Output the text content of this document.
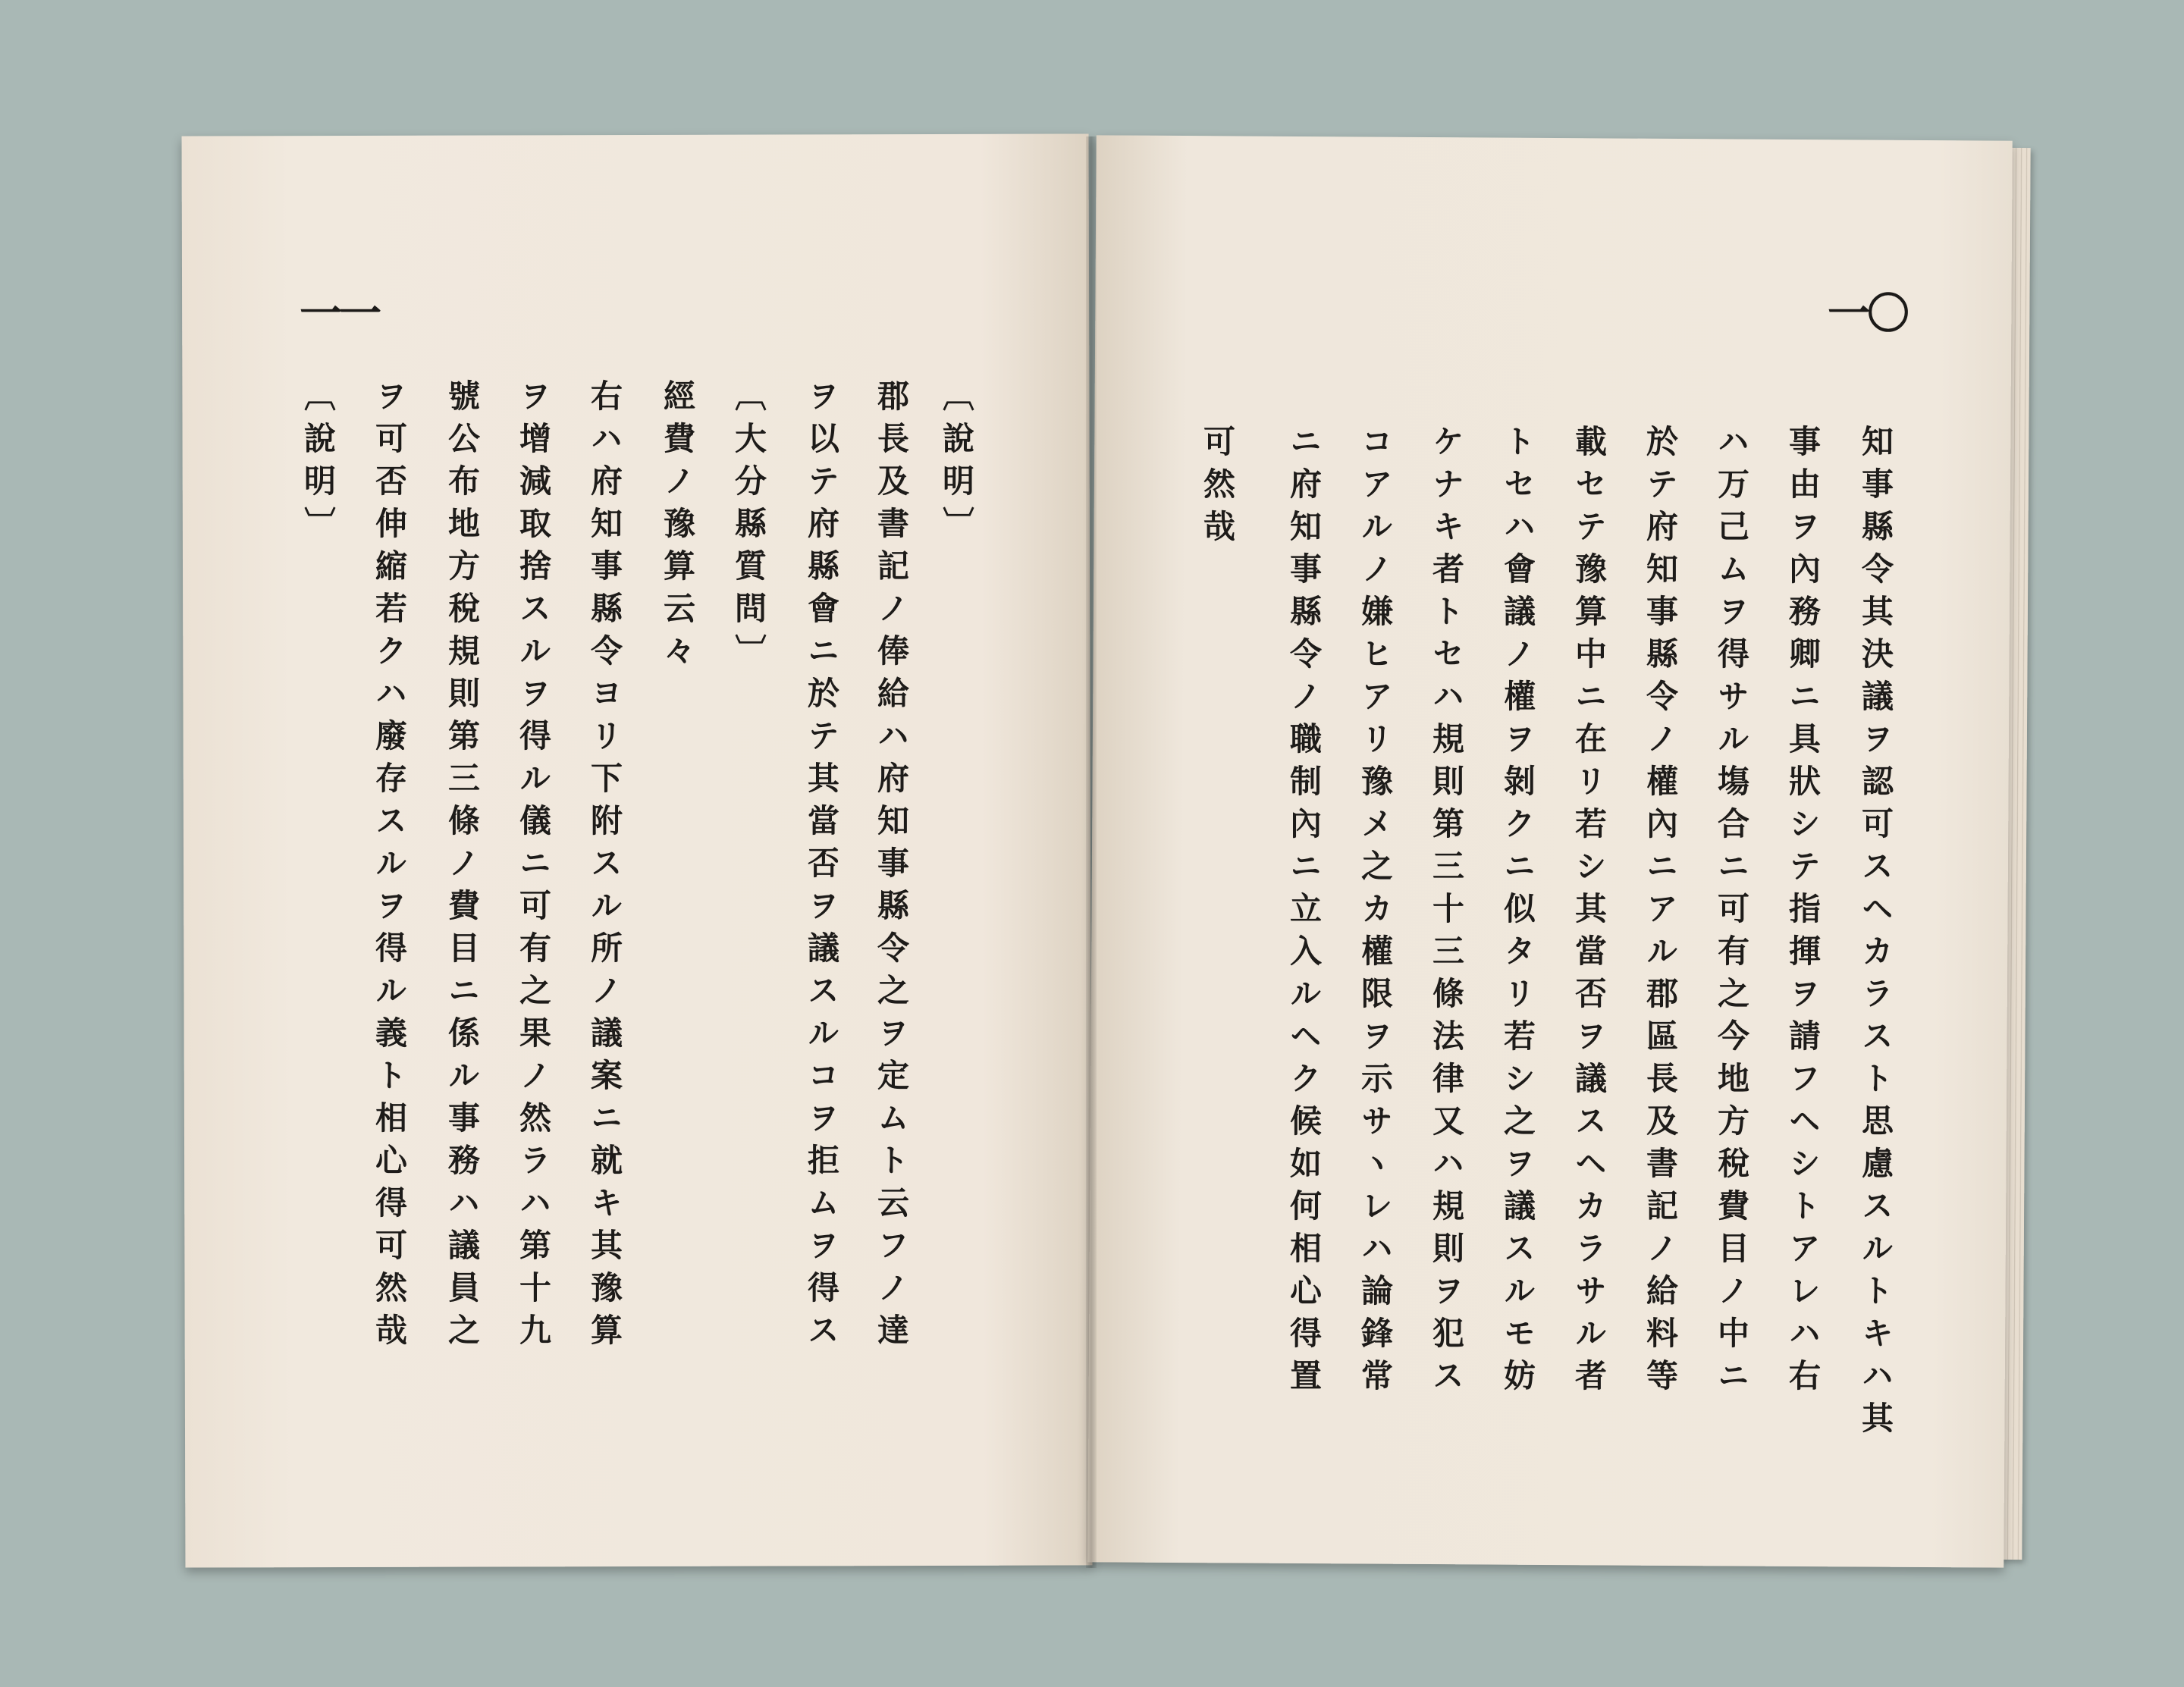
一一
〔說明〕
郡長及書記ノ俸給ハ府知事縣令之ヲ定ムト云フノ達
ヲ以テ府縣會ニ於テ其當否ヲ議スルコヲ拒ムヲ得ス
〔大分縣質問〕
經費ノ豫算云々
右ハ府知事縣令ヨリ下附スル所ノ議案ニ就キ其豫算
ヲ增減取捨スルヲ得ル儀ニ可有之果ノ然ラハ第十九
號公布地方稅規則第三條ノ費目ニ係ル事務ハ議員之
ヲ可否伸縮若クハ廢存スルヲ得ル義ト相心得可然哉
〔說明〕
一〇
知事縣令其決議ヲ認可スヘカラスト思慮スルトキハ其
事由ヲ內務卿ニ具狀シテ指揮ヲ請フヘシトアレハ右
ハ万己ムヲ得サル塲合ニ可有之今地方稅費目ノ中ニ
於テ府知事縣令ノ權內ニアル郡區長及書記ノ給料等
載セテ豫算中ニ在リ若シ其當否ヲ議スヘカラサル者
トセハ會議ノ權ヲ剝クニ似タリ若シ之ヲ議スルモ妨
ケナキ者トセハ規則第三十三條法律又ハ規則ヲ犯ス
コアルノ嫌ヒアリ豫メ之カ權限ヲ示サヽレハ論鋒常
ニ府知事縣令ノ職制內ニ立入ルヘク候如何相心得置
可然哉
